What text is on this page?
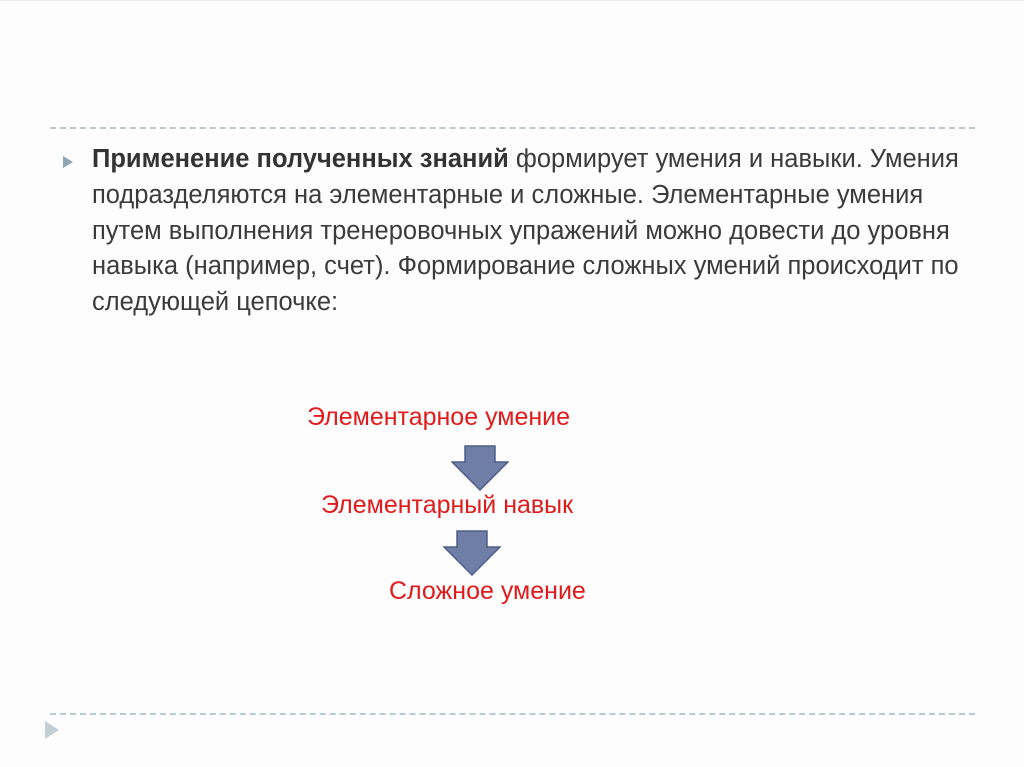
Применение полученных знаний формирует умения и навыки. Умения подразделяются на элементарные и сложные. Элементарные умения путем выполнения тренеровочных упражений можно довести до уровня навыка (например, счет). Формирование сложных умений происходит по следующей цепочке:
Элементарное умение
Элементарный навык
Сложное умение
